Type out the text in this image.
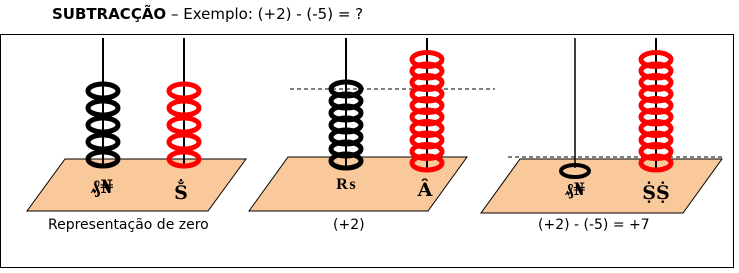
SUBTRACÇÃO – Exemplo: (+2) - (-5) = ?
₰₦	Ṧ	₨	Â	₰₦	ṨṨ
Representação de zero	(+2)	(+2) - (-5) = +7
